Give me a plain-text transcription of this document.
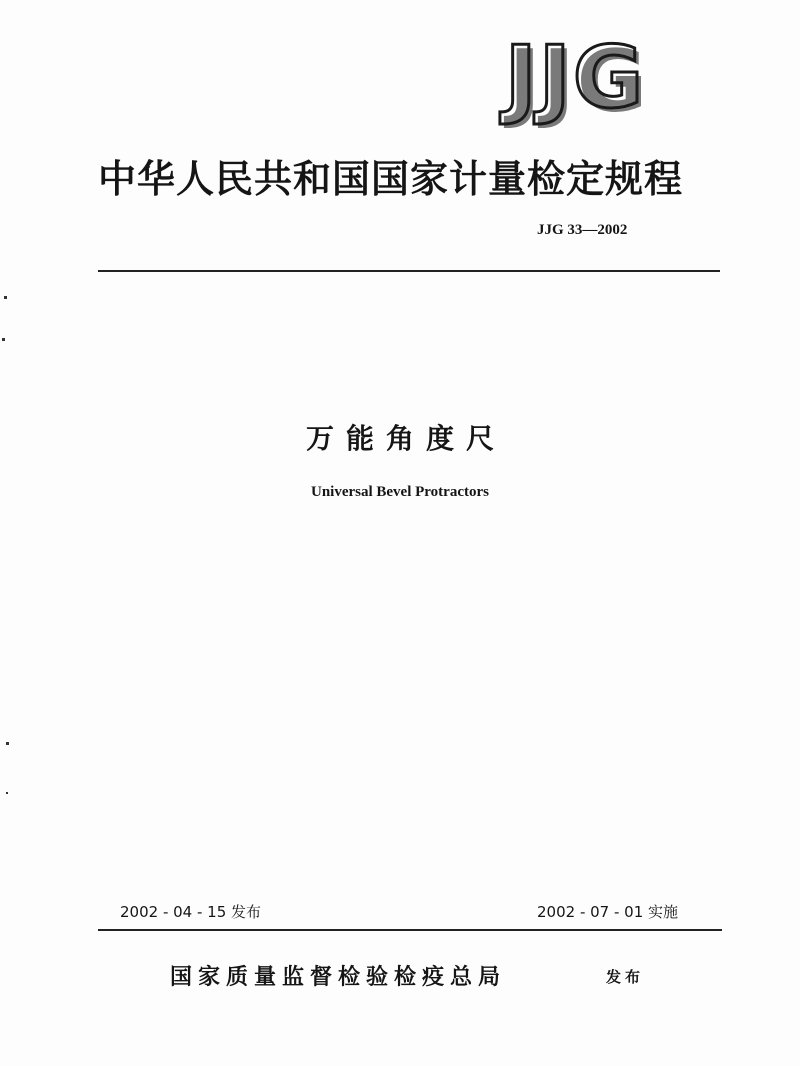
JJG
中华人民共和国国家计量检定规程
JJG 33—2002
万能角度尺
Universal Bevel Protractors
2002 - 04 - 15 发布	2002 - 07 - 01 实施
国家质量监督检验检疫总局	发布
